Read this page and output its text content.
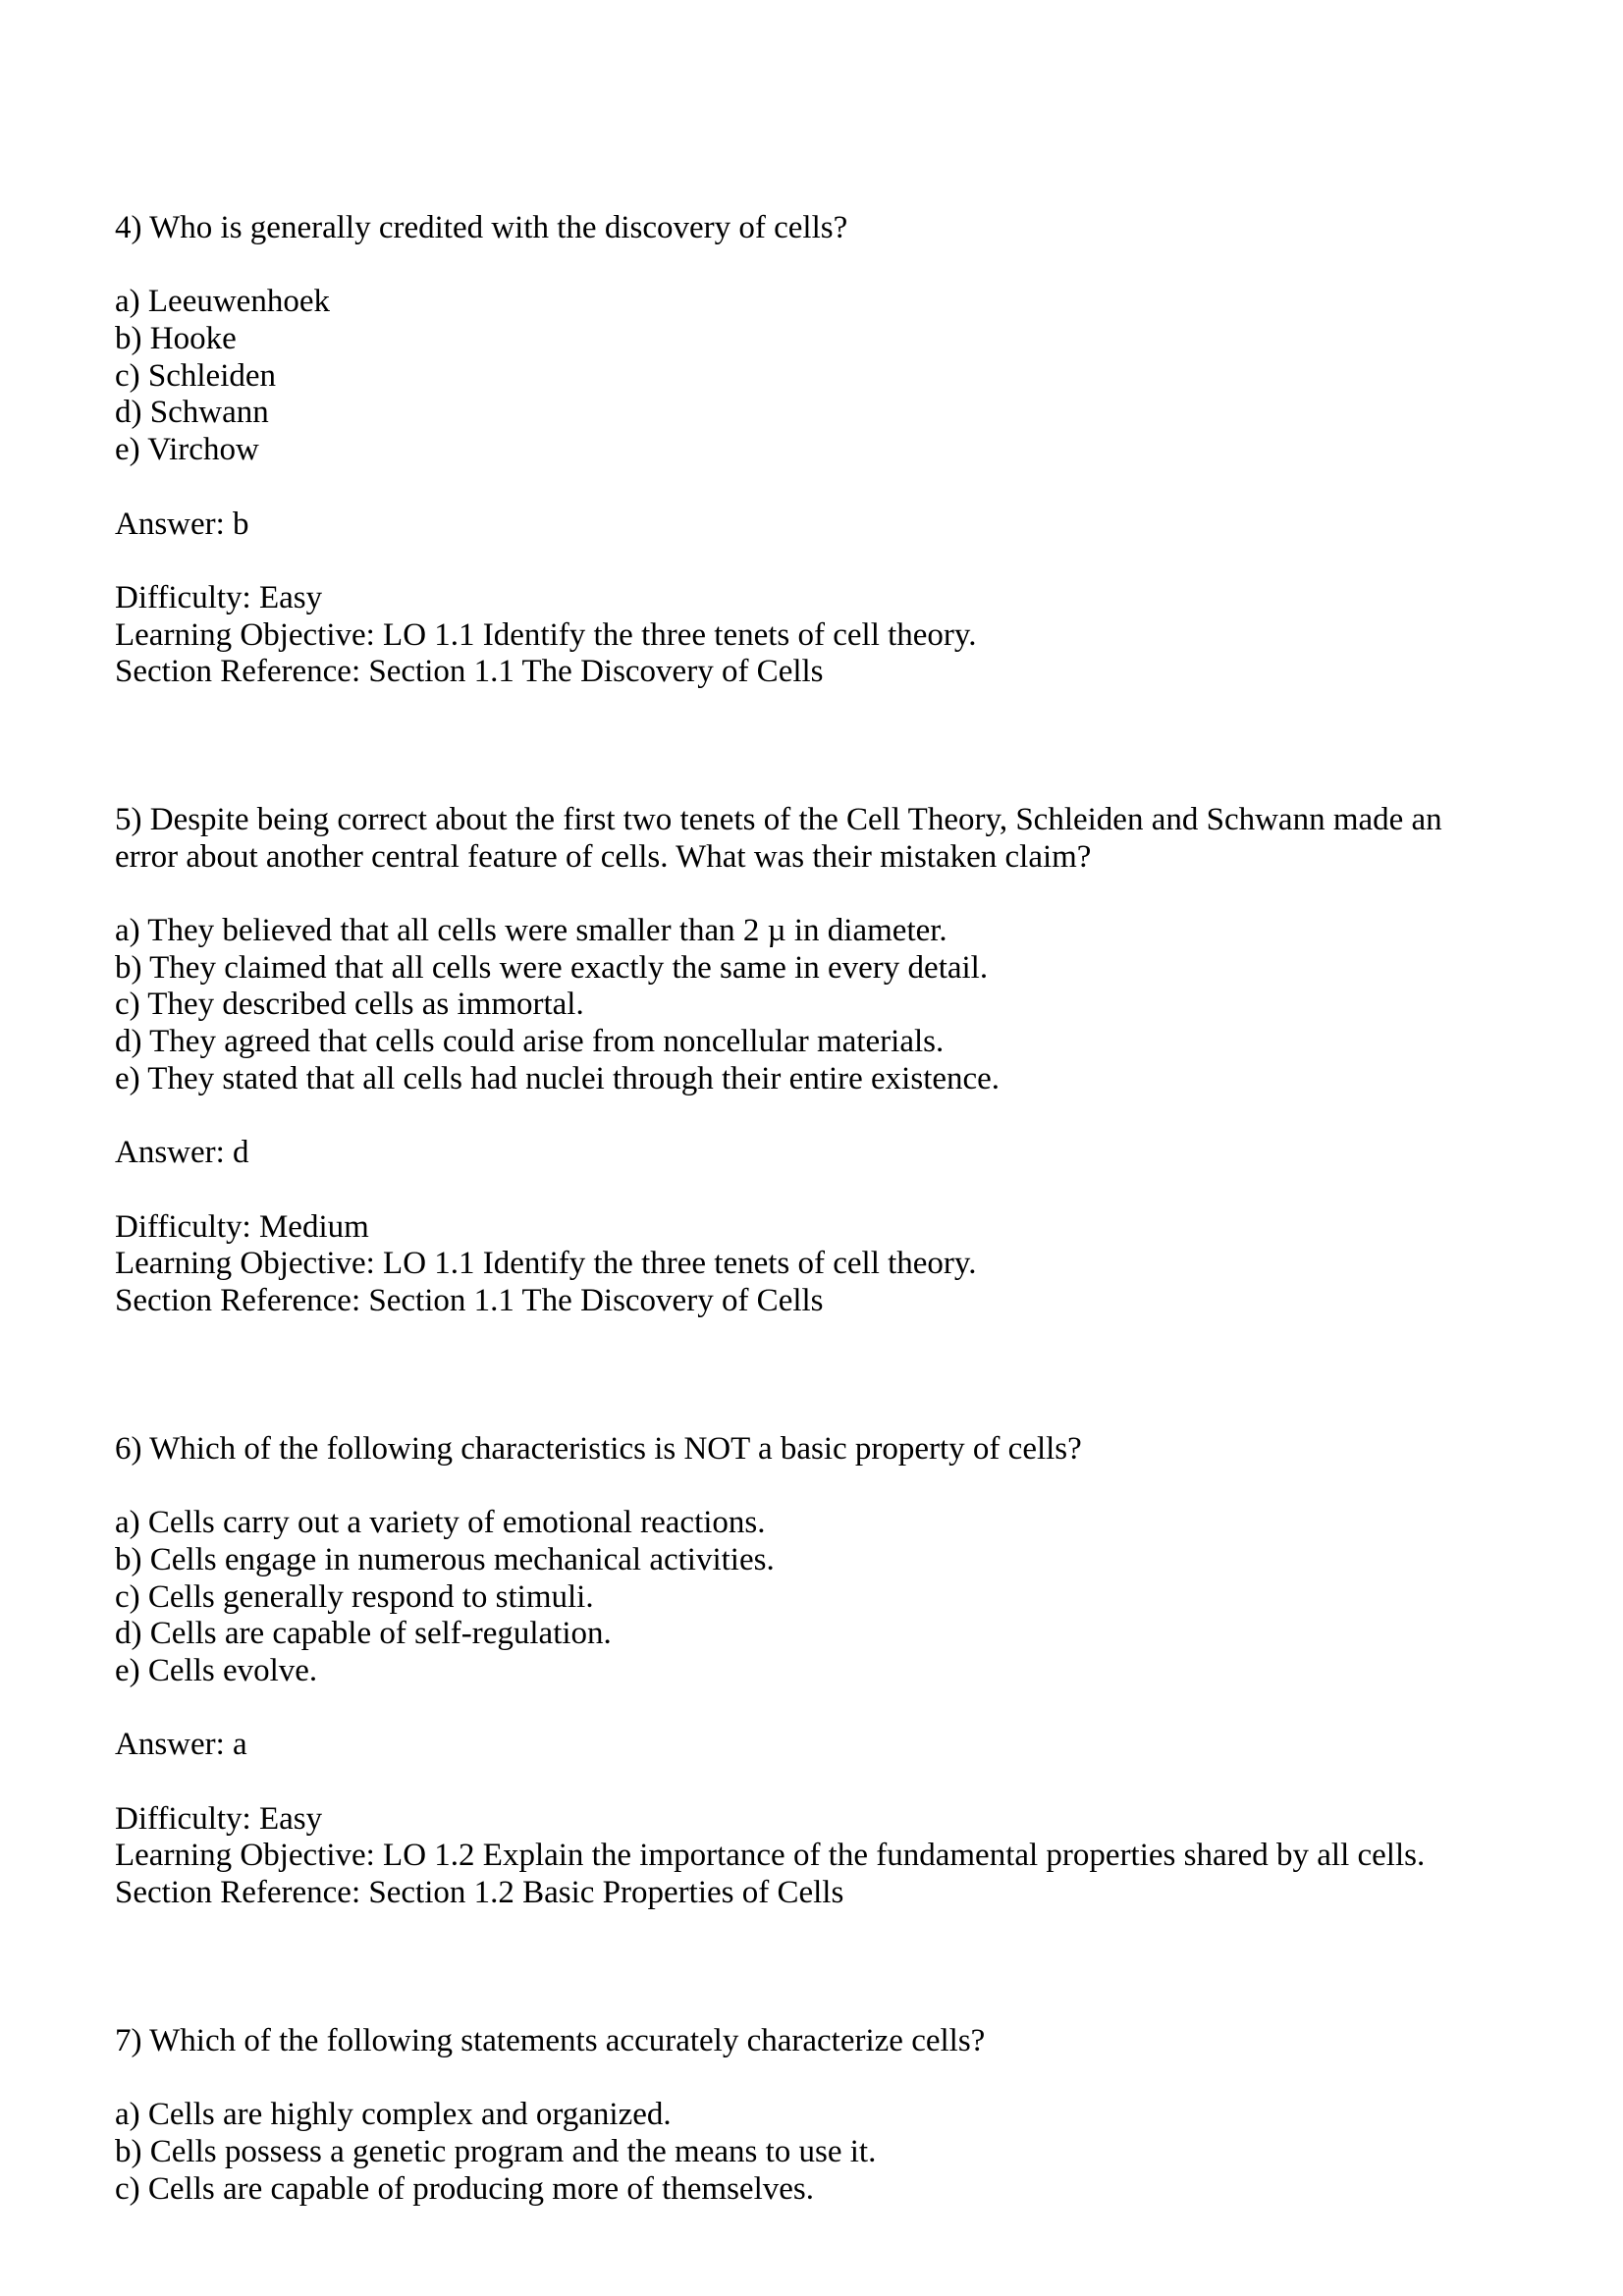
4) Who is generally credited with the discovery of cells?
a) Leeuwenhoek
b) Hooke
c) Schleiden
d) Schwann
e) Virchow
Answer: b
Difficulty: Easy
Learning Objective: LO 1.1 Identify the three tenets of cell theory.
Section Reference: Section 1.1 The Discovery of Cells
5) Despite being correct about the first two tenets of the Cell Theory, Schleiden and Schwann made an
error about another central feature of cells. What was their mistaken claim?
a) They believed that all cells were smaller than 2 µ in diameter.
b) They claimed that all cells were exactly the same in every detail.
c) They described cells as immortal.
d) They agreed that cells could arise from noncellular materials.
e) They stated that all cells had nuclei through their entire existence.
Answer: d
Difficulty: Medium
Learning Objective: LO 1.1 Identify the three tenets of cell theory.
Section Reference: Section 1.1 The Discovery of Cells
6) Which of the following characteristics is NOT a basic property of cells?
a) Cells carry out a variety of emotional reactions.
b) Cells engage in numerous mechanical activities.
c) Cells generally respond to stimuli.
d) Cells are capable of self-regulation.
e) Cells evolve.
Answer: a
Difficulty: Easy
Learning Objective: LO 1.2 Explain the importance of the fundamental properties shared by all cells.
Section Reference: Section 1.2 Basic Properties of Cells
7) Which of the following statements accurately characterize cells?
a) Cells are highly complex and organized.
b) Cells possess a genetic program and the means to use it.
c) Cells are capable of producing more of themselves.
